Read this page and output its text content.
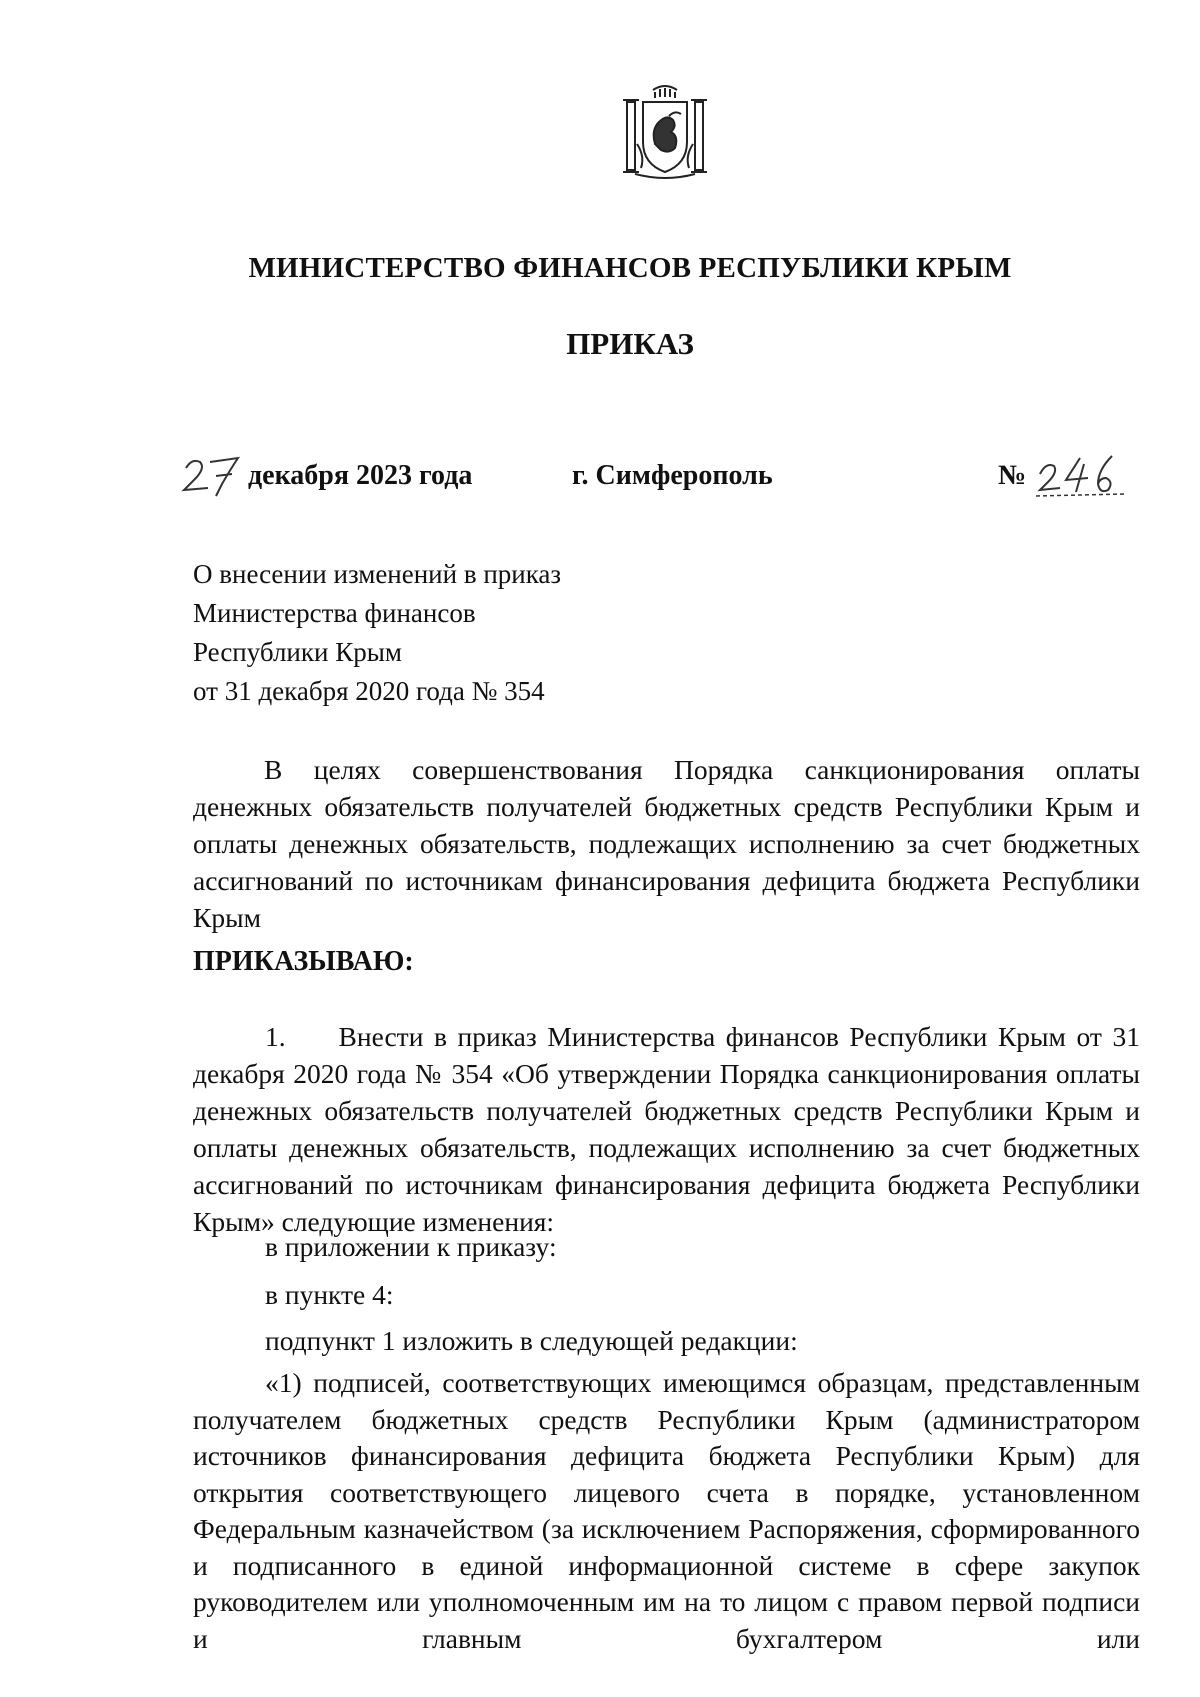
МИНИСТЕРСТВО ФИНАНСОВ РЕСПУБЛИКИ КРЫМ
ПРИКАЗ
декабря 2023 года	г. Симферополь	№
О внесении изменений в приказ
Министерства финансов
Республики Крым
от 31 декабря 2020 года № 354
В целях совершенствования Порядка санкционирования оплаты денежных обязательств получателей бюджетных средств Республики Крым и оплаты денежных обязательств, подлежащих исполнению за счет бюджетных ассигнований по источникам финансирования дефицита бюджета Республики Крым
ПРИКАЗЫВАЮ:
1.     Внести в приказ Министерства финансов Республики Крым от 31 декабря 2020 года № 354 «Об утверждении Порядка санкционирования оплаты денежных обязательств получателей бюджетных средств Республики Крым и оплаты денежных обязательств, подлежащих исполнению за счет бюджетных ассигнований по источникам финансирования дефицита бюджета Республики Крым» следующие изменения:
в приложении к приказу:
в пункте 4:
подпункт 1 изложить в следующей редакции:
«1) подписей, соответствующих имеющимся образцам, представленным получателем бюджетных средств Республики Крым (администратором источников финансирования дефицита бюджета Республики Крым) для открытия соответствующего лицевого счета в порядке, установленном Федеральным казначейством (за исключением Распоряжения, сформированного и подписанного в единой информационной системе в сфере закупок руководителем или уполномоченным им на то лицом с правом первой подписи и главным бухгалтером или
